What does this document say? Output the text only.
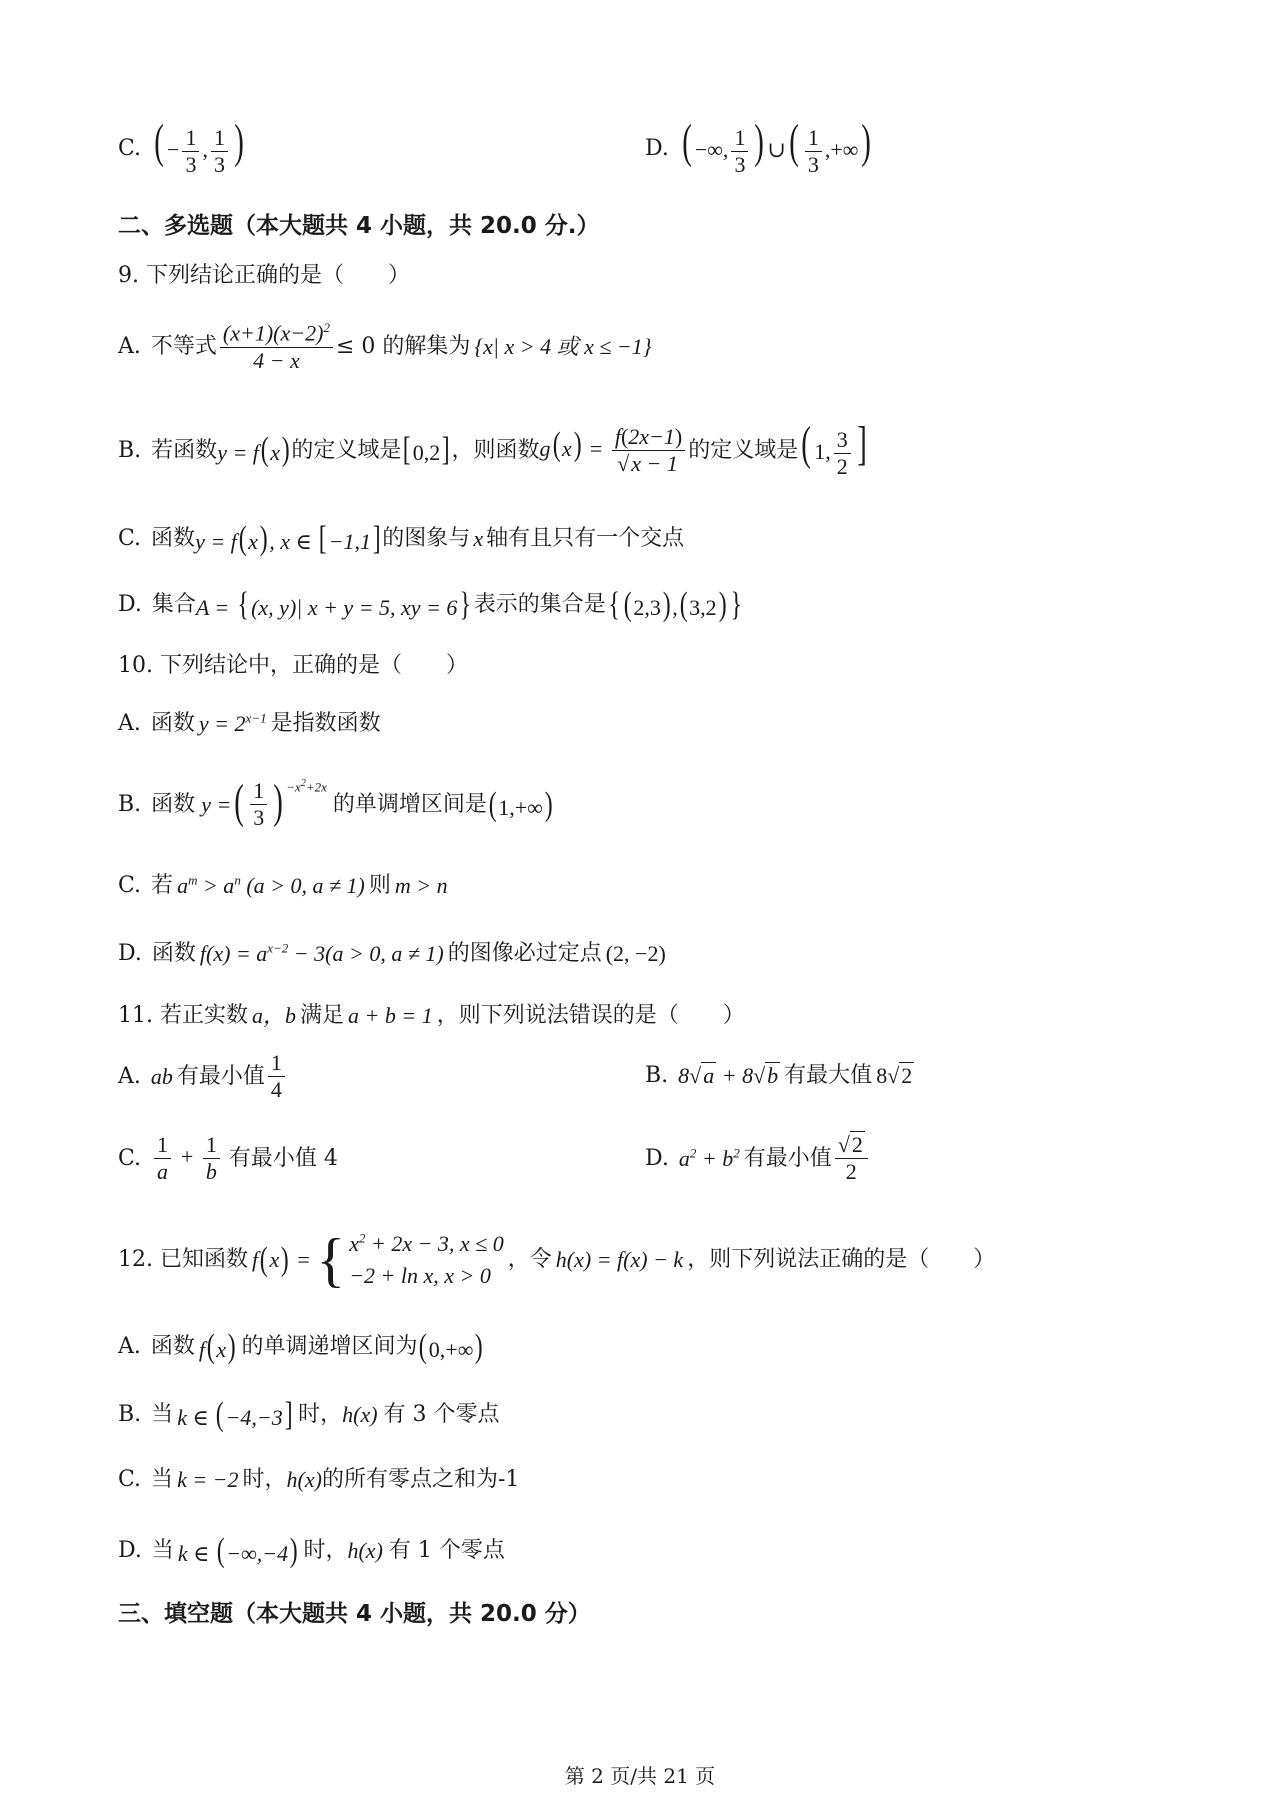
C. ( − $\frac{1}{3}$ , $\frac{1}{3}$ )	D. ( −∞, $\frac{1}{3}$ ) ∪( $\frac{1}{3}$ ,+∞)
二、多选题（本大题共 4 小题，共 20.0 分.）
9. 下列结论正确的是（　　）
A. 不等式 $\frac{(x+1)(x-2)^2}{4 - x} \le 0$ 的解集为 {x| x > 4 或 x ≤ −1}
B. 若函数 y = f(x) 的定义域是 [0,2] ，则函数 $g(x) = \frac{f(2x-1)}{√x - 1}$ 的定义域是 ( 1, $\frac{3}{2}$ ]
C. 函数 y = f(x), x ∈ [−1,1] 的图象与 x 轴有且只有一个交点
D. 集合 A = { (x, y)| x + y = 5, xy = 6} 表示的集合是 { (2,3),(3,2) }
10. 下列结论中，正确的是（　　）
A. 函数 $y = 2^{x-1}$ 是指数函数
B. 函数 y = ( $\frac{1}{3}$ ) $-x^2+2x$
的单调增区间是 (1,+∞)
C. 若 $a^m > a^n$ (a > 0, a ≠ 1) 则 m > n
D. 函数 $f(x) = a^{x-2} - 3(a > 0$, a ≠ 1) 的图像必过定点 (2, −2)
11. 若正实数 a，b 满足 a + b = 1 ，则下列说法错误的是（　　）
A. ab 有最小值 $\frac{1}{4}$	B. 8√a + 8√b 有最大值 8√2
C. $\frac{1}{a} + \frac{1}{b}$ 有最小值 4	D. $a^2 + b^2$ 有最小值 $\frac{√2}{2}$
12. 已知函数 f ( x ) = { $x^2 + 2x - 3$, x ≤ 0
−2 + ln x, x > 0
，令 h(x) = f(x) − k ，则下列说法正确的是（　　）
A. 函数 f(x) 的单调递增区间为 (0,+∞)
B. 当 k ∈ (−4,−3] 时， h(x) 有 3 个零点
C. 当 k = −2 时， h(x) 的所有零点之和为-1
D. 当 k ∈ (−∞,−4) 时， h(x) 有 1 个零点
三、填空题（本大题共 4 小题，共 20.0 分）
第 2 页/共 21 页
